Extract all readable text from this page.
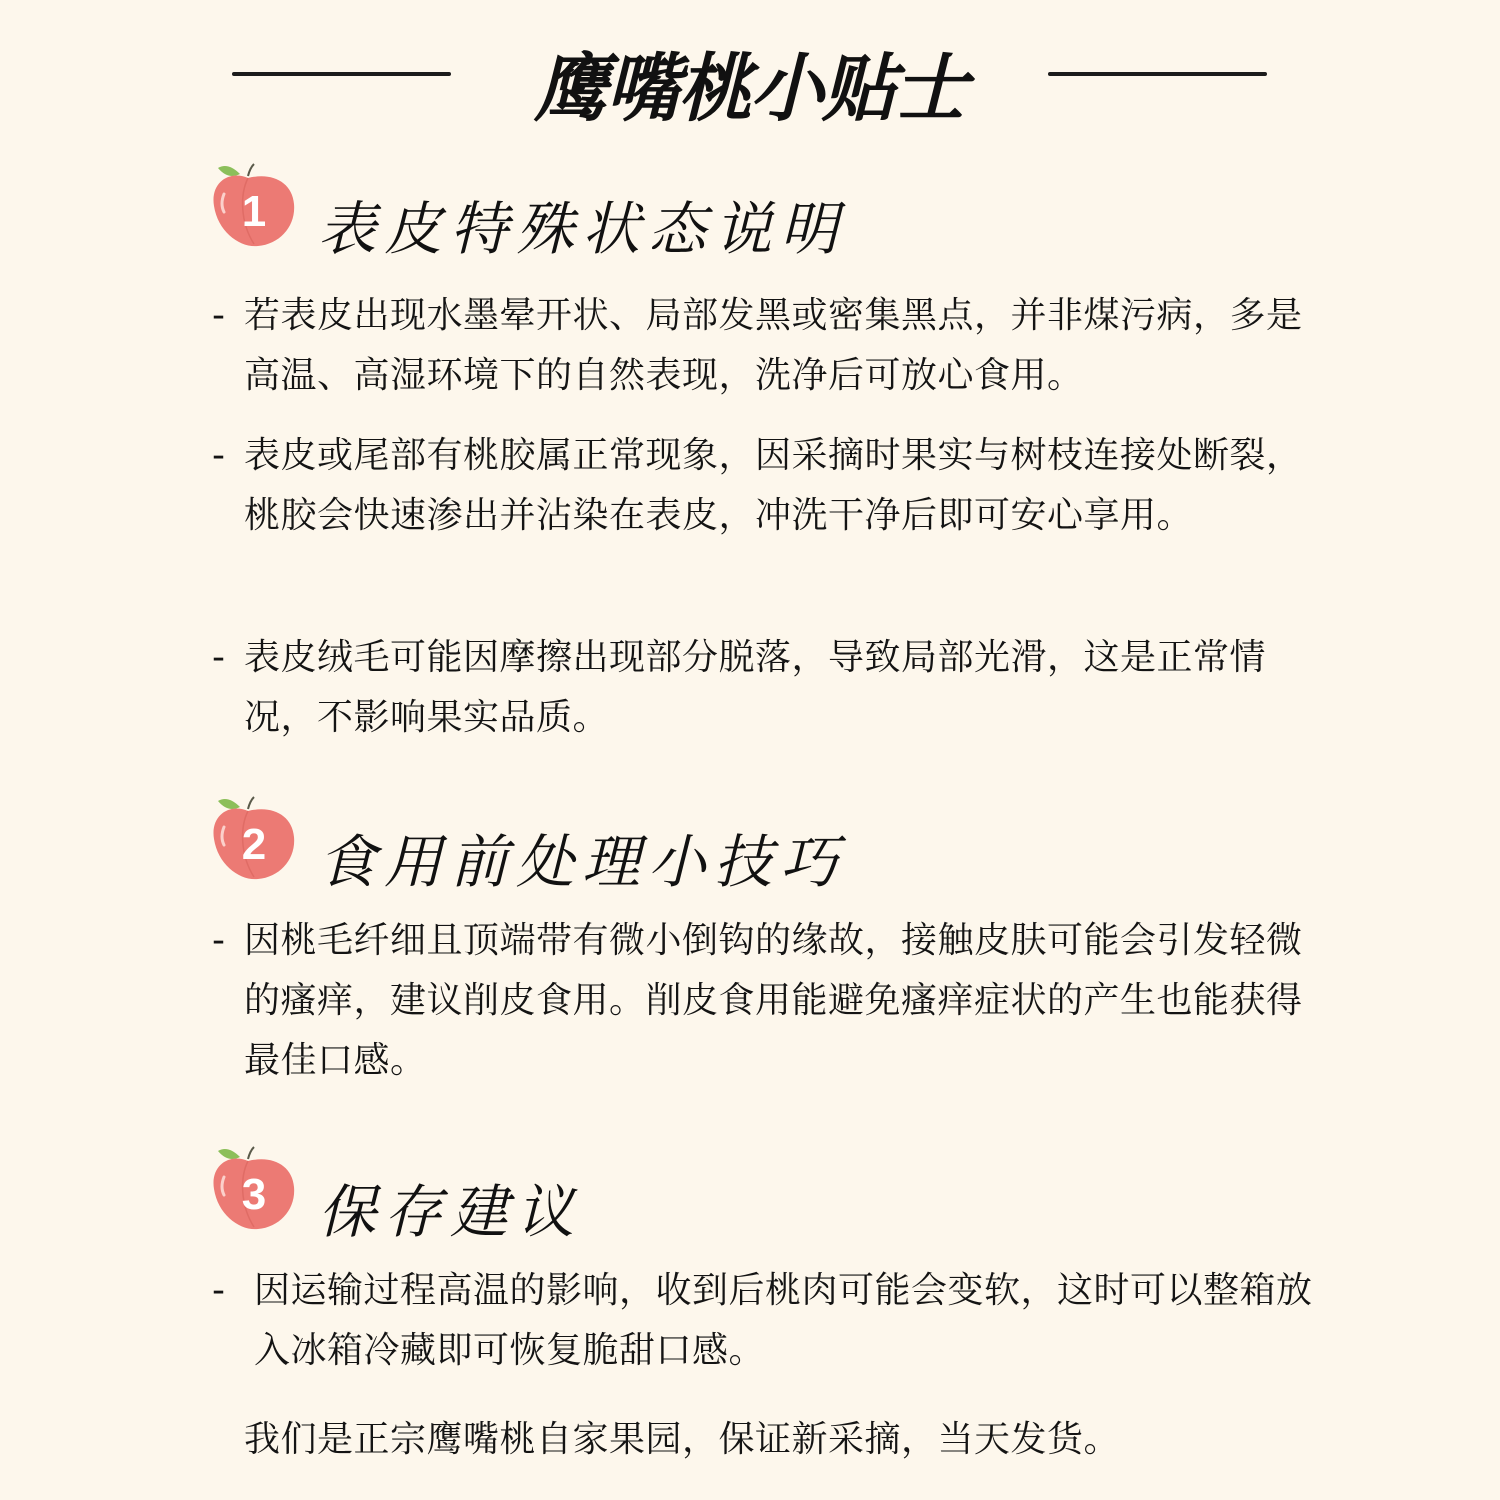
鹰嘴桃小贴士
1 表皮特殊状态说明
- 若表皮出现水墨晕开状、局部发黑或密集黑点，并非煤污病，多是高温、高湿环境下的自然表现，洗净后可放心食用。
- 表皮或尾部有桃胶属正常现象，因采摘时果实与树枝连接处断裂，桃胶会快速渗出并沾染在表皮，冲洗干净后即可安心享用。
- 表皮绒毛可能因摩擦出现部分脱落，导致局部光滑，这是正常情况，不影响果实品质。
2 食用前处理小技巧
- 因桃毛纤细且顶端带有微小倒钩的缘故，接触皮肤可能会引发轻微的瘙痒，建议削皮食用。削皮食用能避免瘙痒症状的产生也能获得最佳口感。
3 保存建议
- 因运输过程高温的影响，收到后桃肉可能会变软，这时可以整箱放入冰箱冷藏即可恢复脆甜口感。
我们是正宗鹰嘴桃自家果园，保证新采摘，当天发货。
